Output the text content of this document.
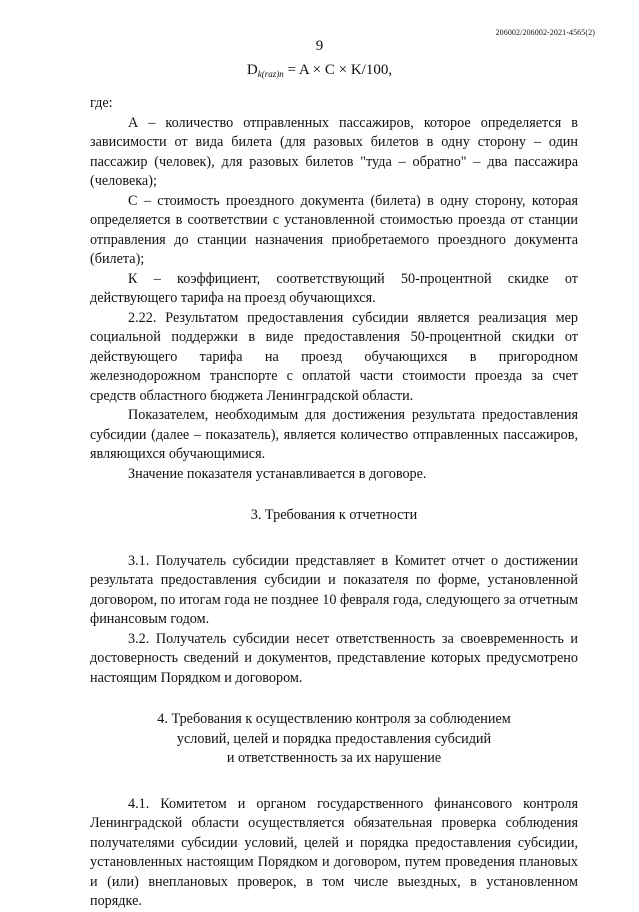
206002/206002-2021-4565(2)
9
$D_{k(raz)n} = A \times C \times K/100$,

где:

А – количество отправленных пассажиров, которое определяется в зависимости от вида билета (для разовых билетов в одну сторону – один пассажир (человек), для разовых билетов "туда – обратно" – два пассажира (человека);

С – стоимость проездного документа (билета) в одну сторону, которая определяется в соответствии с установленной стоимостью проезда от станции отправления до станции назначения приобретаемого проездного документа (билета);

К – коэффициент, соответствующий 50-процентной скидке от действующего тарифа на проезд обучающихся.

2.22. Результатом предоставления субсидии является реализация мер социальной поддержки в виде предоставления 50-процентной скидки от действующего тарифа на проезд обучающихся в пригородном железнодорожном транспорте с оплатой части стоимости проезда за счет средств областного бюджета Ленинградской области.

Показателем, необходимым для достижения результата предоставления субсидии (далее – показатель), является количество отправленных пассажиров, являющихся обучающимися.

Значение показателя устанавливается в договоре.

3. Требования к отчетности

3.1. Получатель субсидии представляет в Комитет отчет о достижении результата предоставления субсидии и показателя по форме, установленной договором, по итогам года не позднее 10 февраля года, следующего за отчетным финансовым годом.

3.2. Получатель субсидии несет ответственность за своевременность и достоверность сведений и документов, представление которых предусмотрено настоящим Порядком и договором.

4. Требования к осуществлению контроля за соблюдением

условий, целей и порядка предоставления субсидий

и ответственность за их нарушение

4.1. Комитетом и органом государственного финансового контроля Ленинградской области осуществляется обязательная проверка соблюдения получателями субсидии условий, целей и порядка предоставления субсидии, установленных настоящим Порядком и договором, путем проведения плановых и (или) внеплановых проверок, в том числе выездных, в установленном порядке.
